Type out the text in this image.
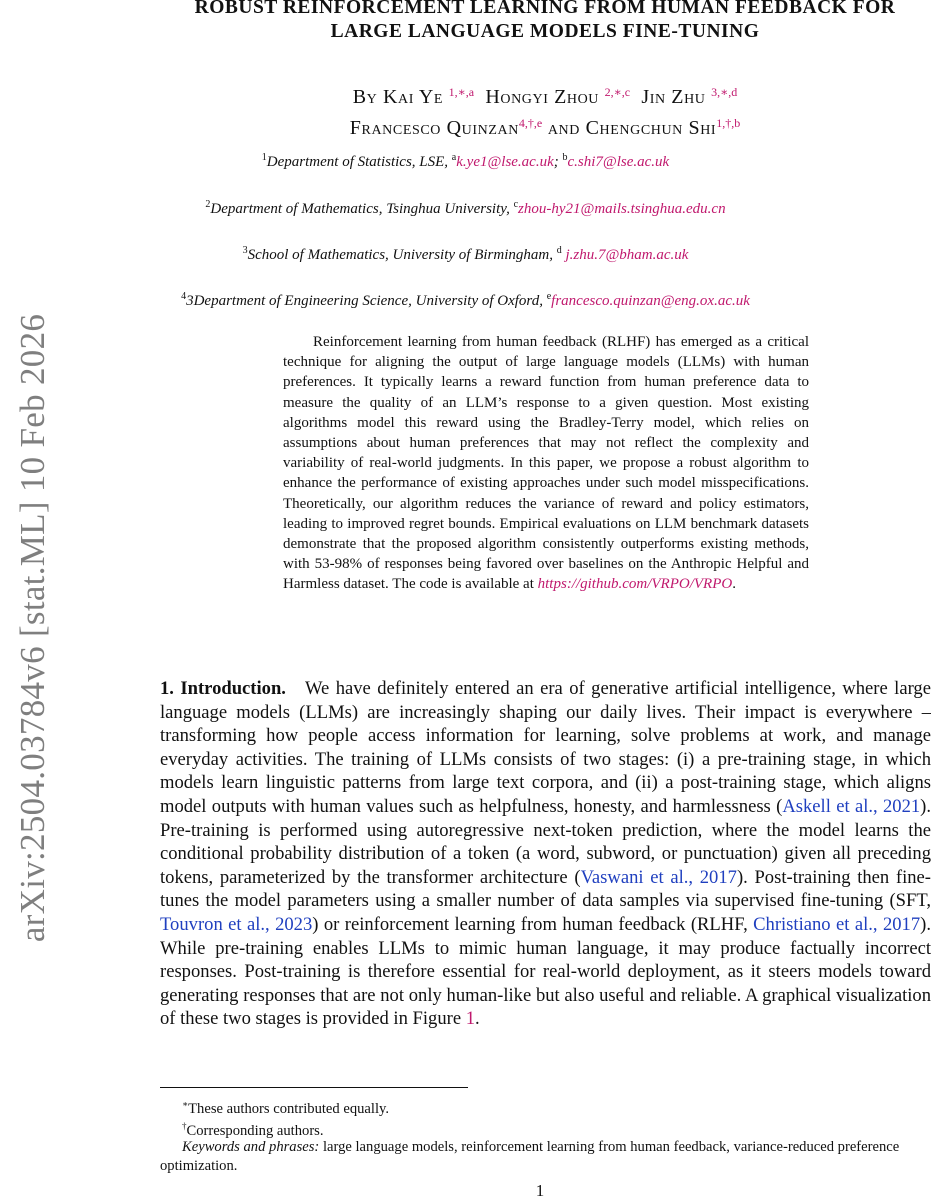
arXiv:2504.03784v6 [stat.ML] 10 Feb 2026
ROBUST REINFORCEMENT LEARNING FROM HUMAN FEEDBACK FOR
LARGE LANGUAGE MODELS FINE-TUNING
By Kai Ye $^{1,∗,a}$ Hongyi Zhou $^{2,∗,c}$ Jin Zhu $^{3,∗,d}$
Francesco Quinzan$^{4,\dagger,e}$ and Chengchun Shi$^{1,\dagger,b}$
$^1$Department of Statistics, LSE, $^a$k.ye1@lse.ac.uk; $^b$c.shi7@lse.ac.uk
$^2$Department of Mathematics, Tsinghua University, $^c$zhou-hy21@mails.tsinghua.edu.cn
$^3$School of Mathematics, University of Birmingham, $^d$ j.zhu.7@bham.ac.uk
$^4$3Department of Engineering Science, University of Oxford, $^e$francesco.quinzan@eng.ox.ac.uk
Reinforcement learning from human feedback (RLHF) has emerged as a critical technique for aligning the output of large language models (LLMs) with human preferences. It typically learns a reward function from human preference data to measure the quality of an LLM’s response to a given question. Most existing algorithms model this reward using the Bradley-Terry model, which relies on assumptions about human preferences that may not reflect the complexity and variability of real-world judgments. In this paper, we propose a robust algorithm to enhance the performance of existing approaches under such model misspecifications. Theoretically, our algorithm reduces the variance of reward and policy estimators, leading to improved regret bounds. Empirical evaluations on LLM benchmark datasets demonstrate that the proposed algorithm consistently outperforms existing methods, with 53-98% of responses being favored over baselines on the Anthropic Helpful and Harmless dataset. The code is available at https://github.com/VRPO/VRPO.
1. Introduction. We have definitely entered an era of generative artificial intelligence, where large language models (LLMs) are increasingly shaping our daily lives. Their impact is everywhere – transforming how people access information for learning, solve problems at work, and manage everyday activities. The training of LLMs consists of two stages: (i) a pre-training stage, in which models learn linguistic patterns from large text corpora, and (ii) a post-training stage, which aligns model outputs with human values such as helpfulness, honesty, and harmlessness (Askell et al., 2021). Pre-training is performed using autoregressive next-token prediction, where the model learns the conditional probability distribution of a token (a word, subword, or punctuation) given all preceding tokens, parameterized by the transformer architecture (Vaswani et al., 2017). Post-training then fine-tunes the model parameters using a smaller number of data samples via supervised fine-tuning (SFT, Touvron et al., 2023) or reinforcement learning from human feedback (RLHF, Christiano et al., 2017). While pre-training enables LLMs to mimic human language, it may produce factually incorrect responses. Post-training is therefore essential for real-world deployment, as it steers models toward generating responses that are not only human-like but also useful and reliable. A graphical visualization of these two stages is provided in Figure 1.
∗These authors contributed equally.
†Corresponding authors.
Keywords and phrases: large language models, reinforcement learning from human feedback, variance-reduced preference optimization.
1
